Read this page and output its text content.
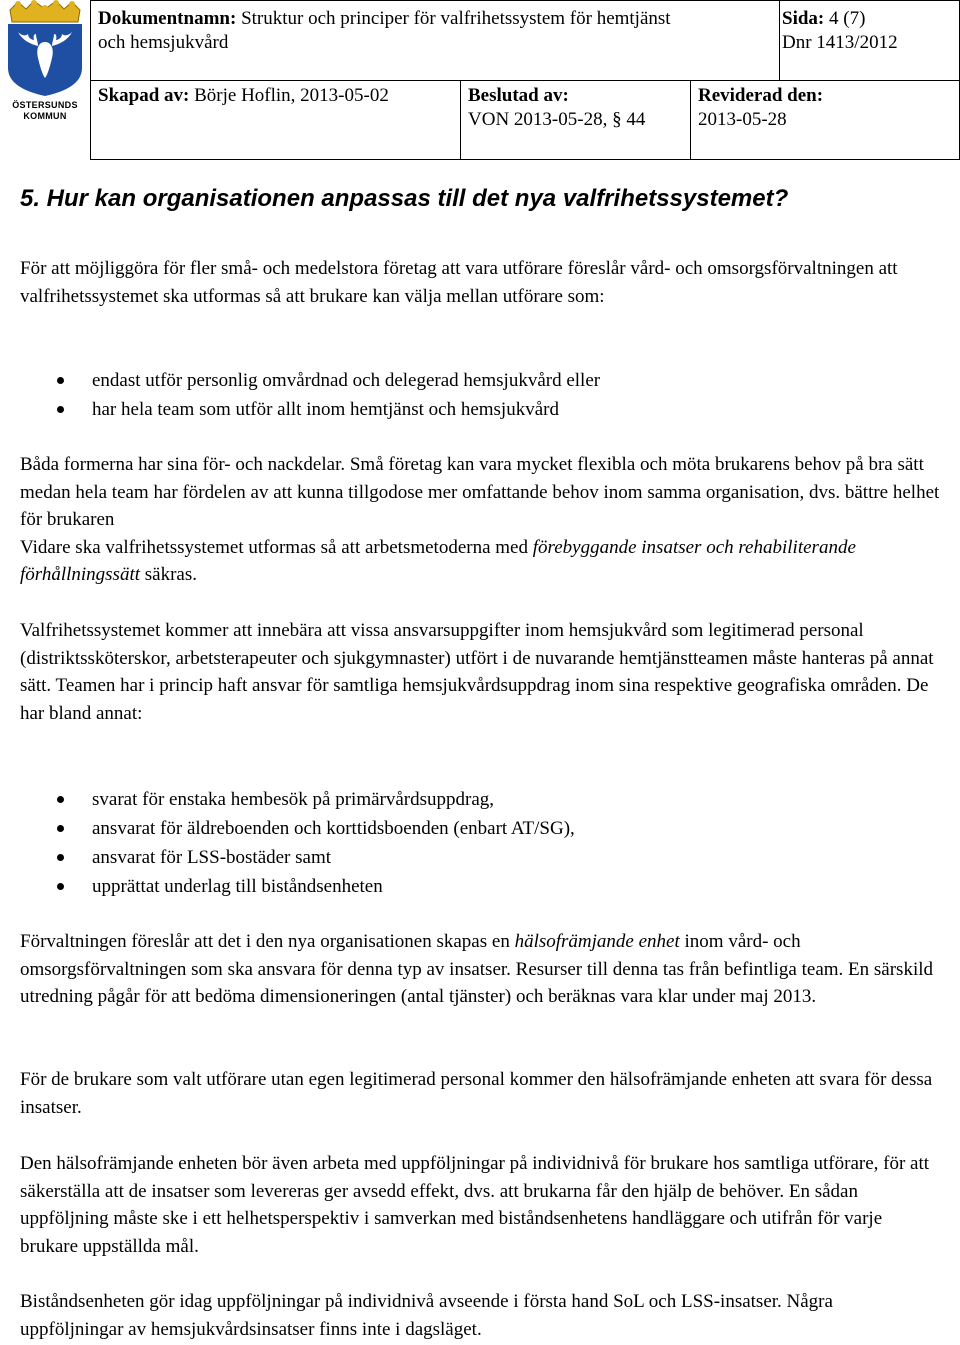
ÖSTERSUNDS
KOMMUN
Dokumentnamn: Struktur och principer för valfrihetssystem för hemtjänst
och hemsjukvård
Sida: 4 (7)
Dnr 1413/2012
Skapad av: Börje Hoflin, 2013-05-02	Beslutad av:
VON 2013-05-28, § 44
Reviderad den:
2013-05-28
5. Hur kan organisationen anpassas till det nya valfrihetssystemet?

För att möjliggöra för fler små- och medelstora företag att vara utförare föreslår vård- och omsorgsförvaltningen att valfrihetssystemet ska utformas så att brukare kan välja mellan utförare som:

endast utför personlig omvårdnad och delegerad hemsjukvård eller
har hela team som utför allt inom hemtjänst och hemsjukvård

Båda formerna har sina för- och nackdelar. Små företag kan vara mycket flexibla och möta brukarens behov på bra sätt medan hela team har fördelen av att kunna tillgodose mer omfattande behov inom samma organisation, dvs. bättre helhet för brukaren
Vidare ska valfrihetssystemet utformas så att arbetsmetoderna med förebyggande insatser och rehabiliterande förhållningssätt säkras.

Valfrihetssystemet kommer att innebära att vissa ansvarsuppgifter inom hemsjukvård som legitimerad personal (distriktssköterskor, arbetsterapeuter och sjukgymnaster) utfört i de nuvarande hemtjänstteamen måste hanteras på annat sätt. Teamen har i princip haft ansvar för samtliga hemsjukvårdsuppdrag inom sina respektive geografiska områden. De har bland annat:

svarat för enstaka hembesök på primärvårdsuppdrag,
ansvarat för äldreboenden och korttidsboenden (enbart AT/SG),
ansvarat för LSS-bostäder samt
upprättat underlag till biståndsenheten

Förvaltningen föreslår att det i den nya organisationen skapas en hälsofrämjande enhet inom vård- och omsorgsförvaltningen som ska ansvara för denna typ av insatser. Resurser till denna tas från befintliga team. En särskild utredning pågår för att bedöma dimensioneringen (antal tjänster) och beräknas vara klar under maj 2013.

För de brukare som valt utförare utan egen legitimerad personal kommer den hälsofrämjande enheten att svara för dessa insatser.

Den hälsofrämjande enheten bör även arbeta med uppföljningar på individnivå för brukare hos samtliga utförare, för att säkerställa att de insatser som levereras ger avsedd effekt, dvs. att brukarna får den hjälp de behöver. En sådan uppföljning måste ske i ett helhetsperspektiv i samverkan med biståndsenhetens handläggare och utifrån för varje brukare uppställda mål.

Biståndsenheten gör idag uppföljningar på individnivå avseende i första hand SoL och LSS-insatser. Några uppföljningar av hemsjukvårdsinsatser finns inte i dagsläget.
